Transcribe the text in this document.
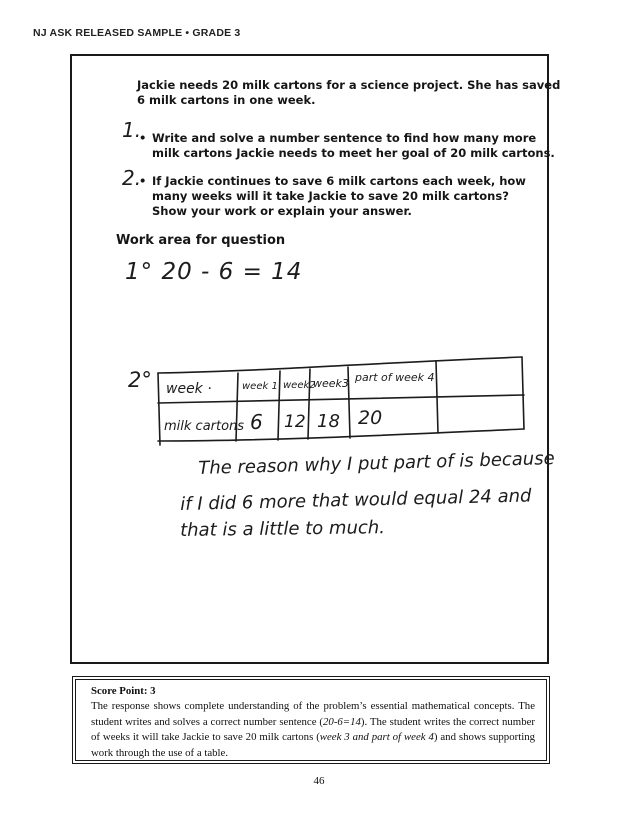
NJ ASK RELEASED SAMPLE • GRADE 3
Jackie needs 20 milk cartons for a science project. She has saved
6 milk cartons in one week.
1.
• Write and solve a number sentence to find how many more
milk cartons Jackie needs to meet her goal of 20 milk cartons.
2.
• If Jackie continues to save 6 milk cartons each week, how
many weeks will it take Jackie to save 20 milk cartons?
Show your work or explain your answer.
Work area for question
1° 20 - 6 = 14
2° week ·
milk cartons
week 1 week2
week3 part of week 4
6 12 18 20
The reason why I put part of is because
if I did 6 more that would equal 24 and
that is a little to much.
Score Point: 3
The response shows complete understanding of the problem’s essential mathematical concepts. The student writes and solves a correct number sentence (20-6=14). The student writes the correct number of weeks it will take Jackie to save 20 milk cartons (week 3 and part of week 4) and shows supporting work through the use of a table.
46
